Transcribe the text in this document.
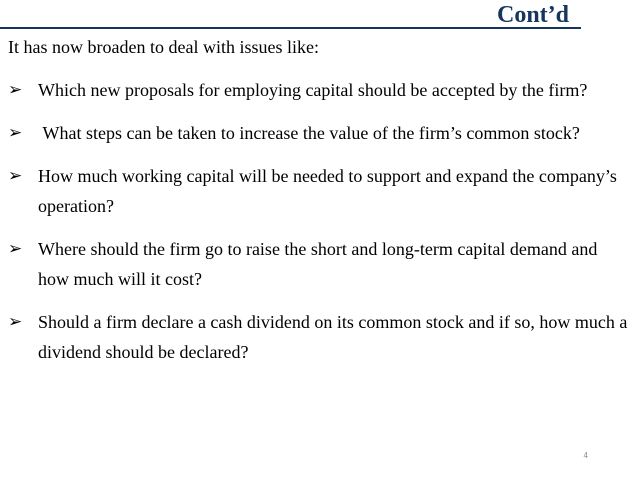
Cont’d
It has now broaden to deal with issues like:
➢ Which new proposals for employing capital should be accepted by the firm?
➢ What steps can be taken to increase the value of the firm’s common stock?
➢ How much working capital will be needed to support and expand the company’s operation?
➢ Where should the firm go to raise the short and long-term capital demand and how much will it cost?
➢ Should a firm declare a cash dividend on its common stock and if so, how much a dividend should be declared?
4
